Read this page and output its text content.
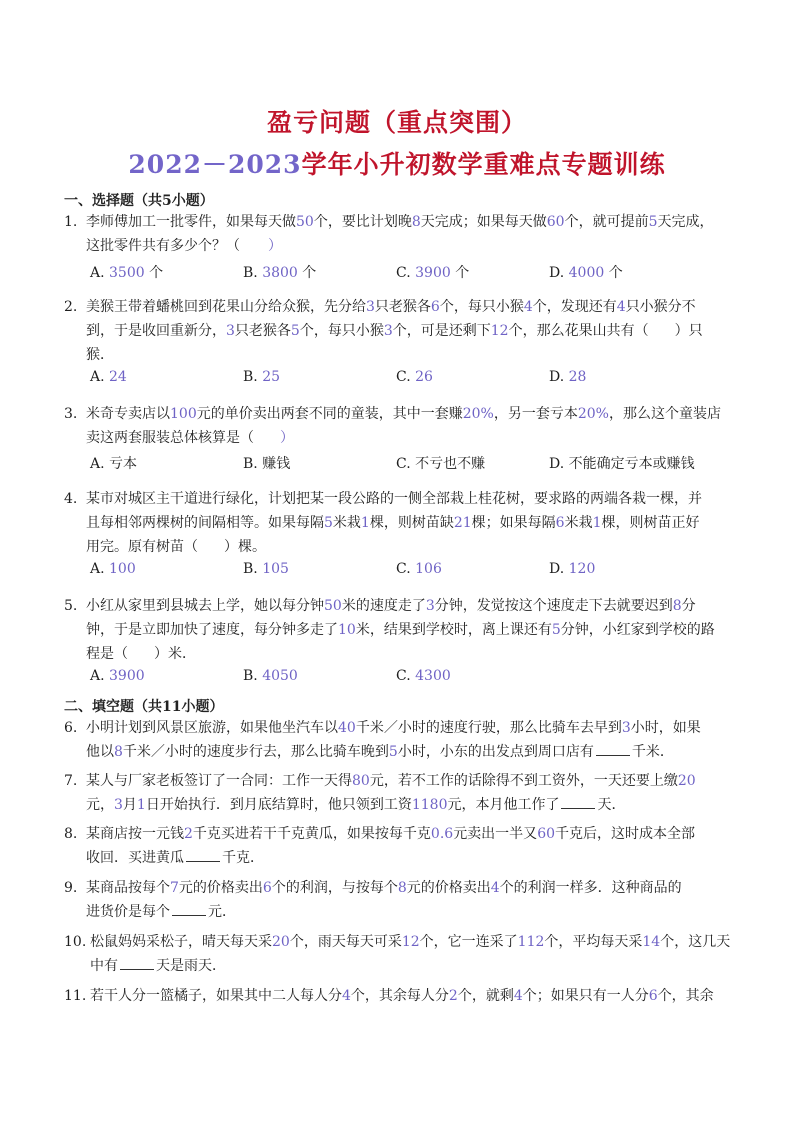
盈亏问题（重点突围）
2022－2023学年小升初数学重难点专题训练
一、选择题（共5小题）
1. 李师傅加工一批零件，如果每天做50个，要比计划晚8天完成；如果每天做60个，就可提前5天完成，
这批零件共有多少个？（ ）
A. 3500 个	B. 3800 个	C. 3900 个	D. 4000 个
2. 美猴王带着蟠桃回到花果山分给众猴，先分给3只老猴各6个，每只小猴4个，发现还有4只小猴分不
到，于是收回重新分，3只老猴各5个，每只小猴3个，可是还剩下12个，那么花果山共有（ ）只
猴．
A. 24	B. 25	C. 26	D. 28
3. 米奇专卖店以100元的单价卖出两套不同的童装，其中一套赚20%，另一套亏本20%，那么这个童装店
卖这两套服装总体核算是（ ）
A. 亏本	B. 赚钱	C. 不亏也不赚	D. 不能确定亏本或赚钱
4. 某市对城区主干道进行绿化，计划把某一段公路的一侧全部栽上桂花树，要求路的两端各栽一棵，并
且每相邻两棵树的间隔相等。如果每隔5米栽1棵，则树苗缺21棵；如果每隔6米栽1棵，则树苗正好
用完。原有树苗（ ）棵。
A. 100	B. 105	C. 106	D. 120
5. 小红从家里到县城去上学，她以每分钟50米的速度走了3分钟，发觉按这个速度走下去就要迟到8分
钟，于是立即加快了速度，每分钟多走了10米，结果到学校时，离上课还有5分钟，小红家到学校的路
程是（ ）米．
A. 3900	B. 4050	C. 4300
二、填空题（共11小题）
6. 小明计划到风景区旅游，如果他坐汽车以40千米／小时的速度行驶，那么比骑车去早到3小时，如果
他以8千米／小时的速度步行去，那么比骑车晚到5小时，小东的出发点到周口店有	千米．
7. 某人与厂家老板签订了一合同：工作一天得80元，若不工作的话除得不到工资外，一天还要上缴20
元，3月1日开始执行．到月底结算时，他只领到工资1180元，本月他工作了	天．
8. 某商店按一元钱2千克买进若干千克黄瓜，如果按每千克0.6元卖出一半又60千克后，这时成本全部
收回．买进黄瓜	千克．
9. 某商品按每个7元的价格卖出6个的利润，与按每个8元的价格卖出4个的利润一样多．这种商品的
进货价是每个	元．
10. 松鼠妈妈采松子，晴天每天采20个，雨天每天可采12个，它一连采了112个，平均每天采14个，这几天
中有	天是雨天．
11. 若干人分一篮橘子，如果其中二人每人分4个，其余每人分2个，就剩4个；如果只有一人分6个，其余
